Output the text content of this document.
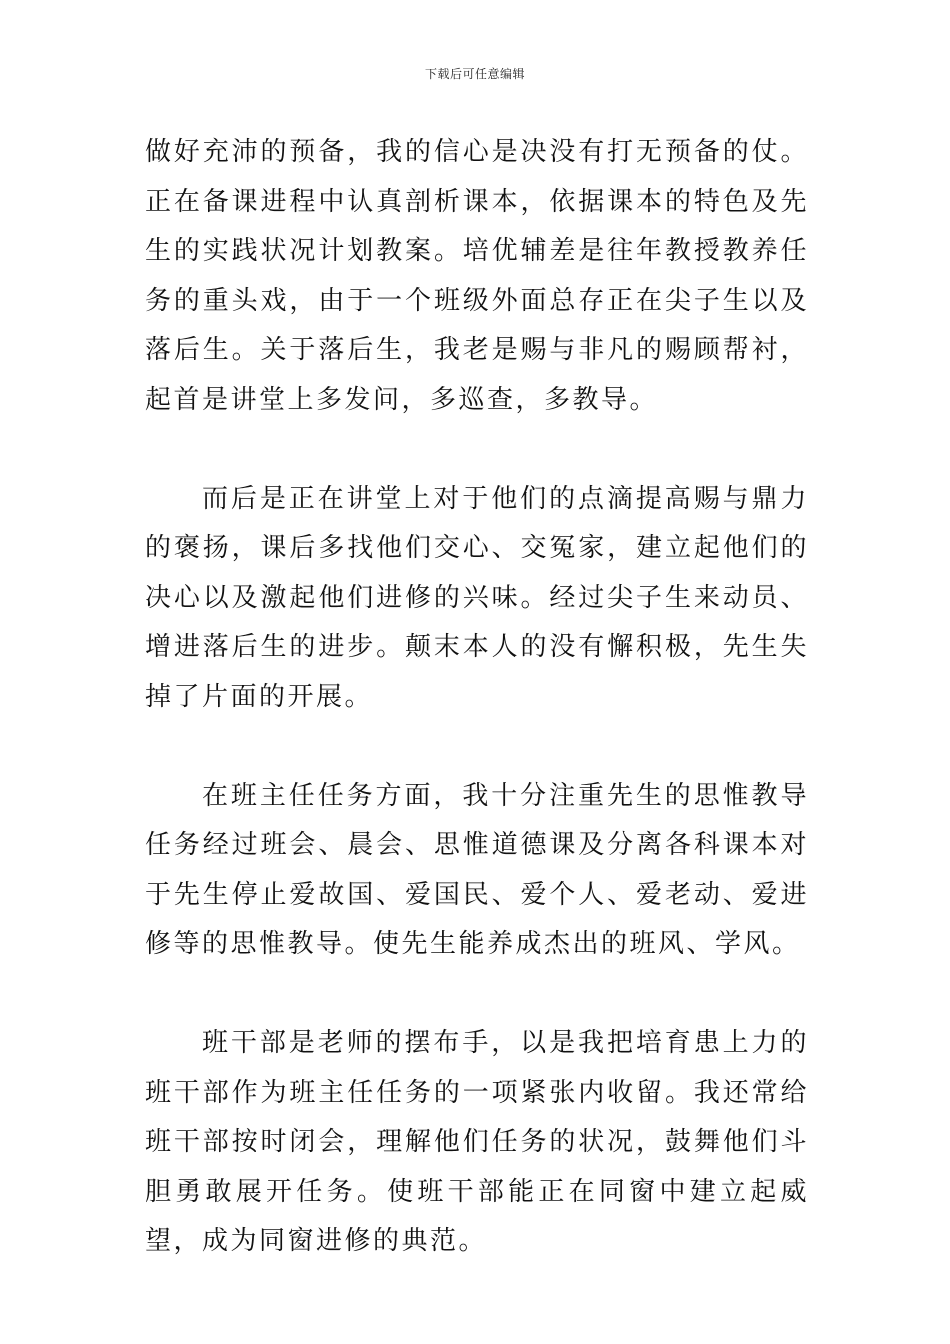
下载后可任意编辑

做好充沛的预备，我的信心是决没有打无预备的仗。正在备课进程中认真剖析课本，依据课本的特色及先生的实践状况计划教案。培优辅差是往年教授教养任务的重头戏，由于一个班级外面总存正在尖子生以及落后生。关于落后生，我老是赐与非凡的赐顾帮衬，起首是讲堂上多发问，多巡查，多教导。

而后是正在讲堂上对于他们的点滴提高赐与鼎力的褒扬，课后多找他们交心、交冤家，建立起他们的决心以及激起他们进修的兴味。经过尖子生来动员、增进落后生的进步。颠末本人的没有懈积极，先生失掉了片面的开展。

在班主任任务方面，我十分注重先生的思惟教导任务经过班会、晨会、思惟道德课及分离各科课本对于先生停止爱故国、爱国民、爱个人、爱老动、爱进修等的思惟教导。使先生能养成杰出的班风、学风。

班干部是老师的摆布手，以是我把培育患上力的班干部作为班主任任务的一项紧张内收留。我还常给班干部按时闭会，理解他们任务的状况，鼓舞他们斗胆勇敢展开任务。使班干部能正在同窗中建立起威望，成为同窗进修的典范。
